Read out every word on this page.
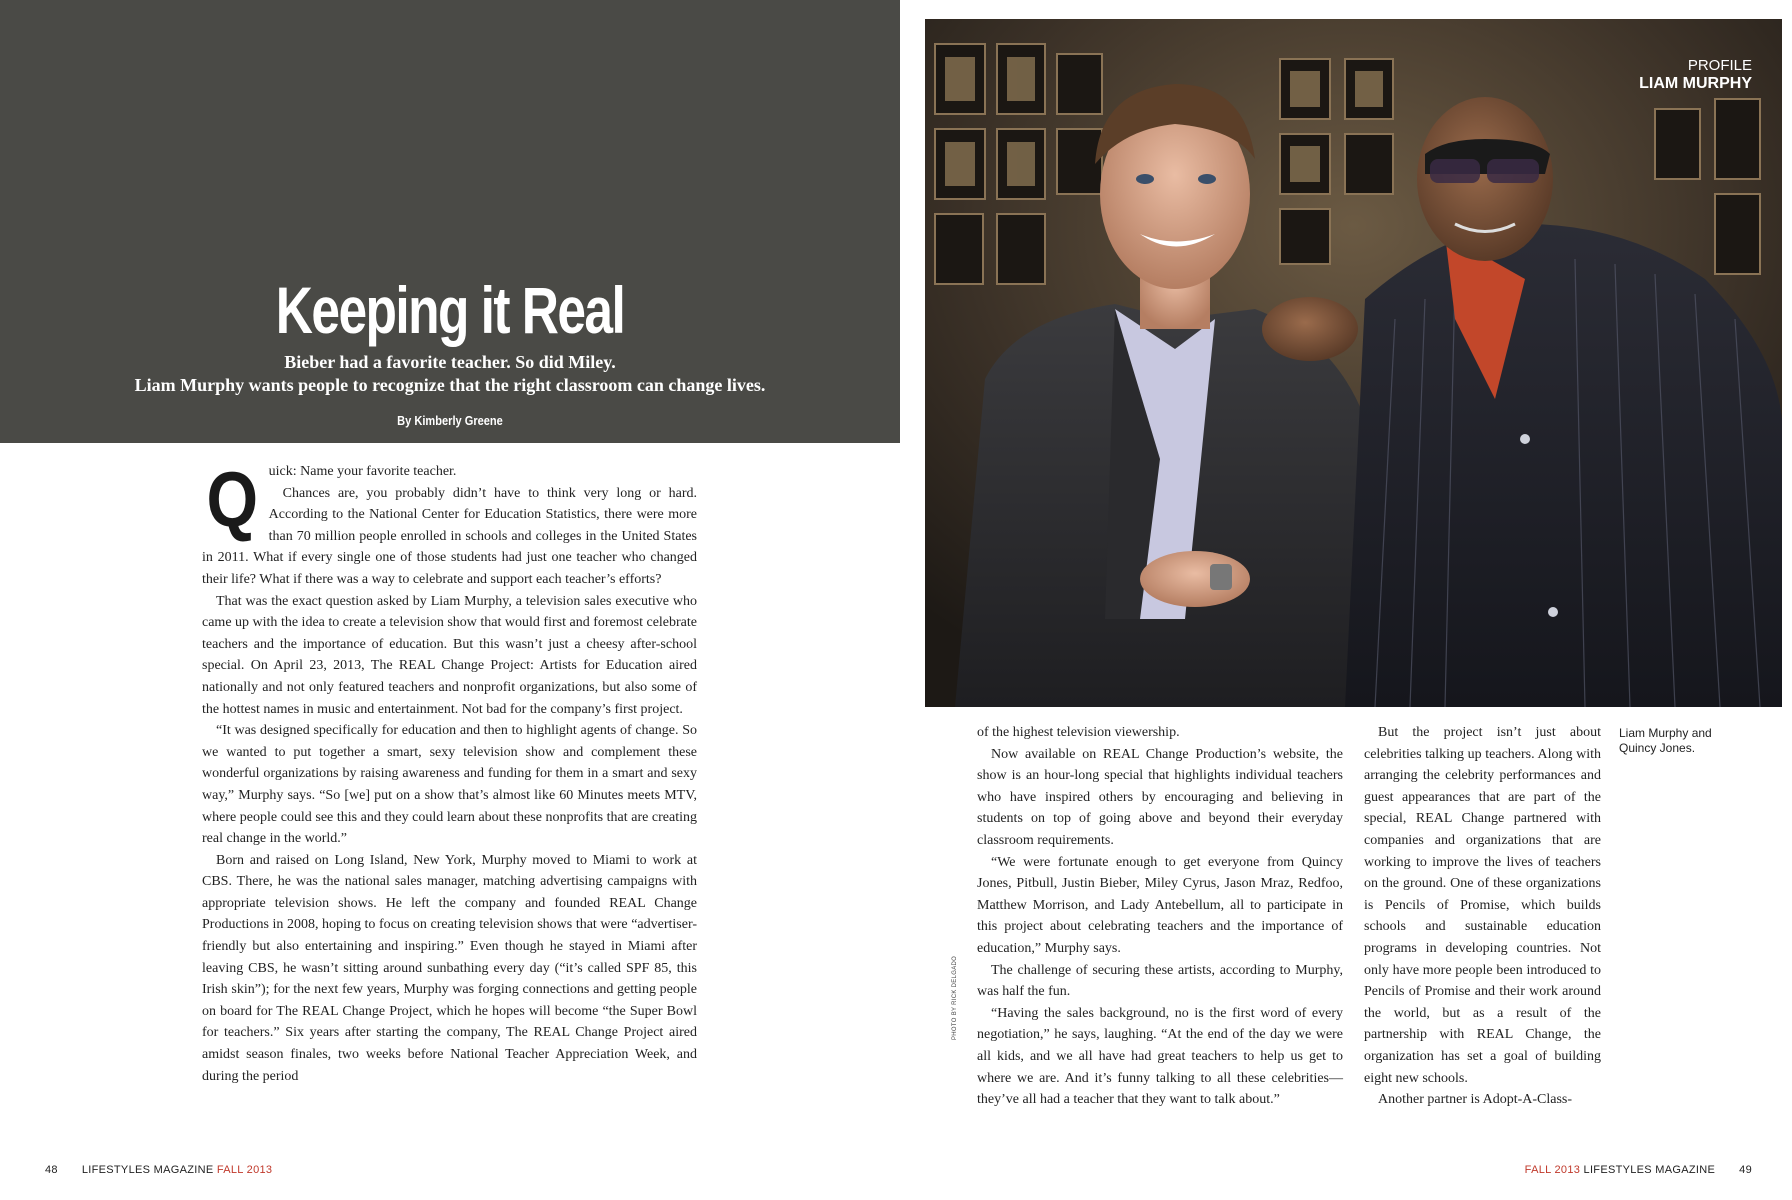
Keeping it Real
Bieber had a favorite teacher. So did Miley.
Liam Murphy wants people to recognize that the right classroom can change lives.
By Kimberly Greene

Quick: Name your favorite teacher.

Chances are, you probably didn’t have to think very long or hard. According to the National Center for Education Statistics, there were more than 70 million people enrolled in schools and colleges in the United States in 2011. What if every single one of those students had just one teacher who changed their life? What if there was a way to celebrate and support each teacher’s efforts?

That was the exact question asked by Liam Murphy, a television sales executive who came up with the idea to create a television show that would first and foremost celebrate teachers and the importance of education. But this wasn’t just a cheesy after-school special. On April 23, 2013, The REAL Change Project: Artists for Education aired nationally and not only featured teachers and nonprofit organizations, but also some of the hottest names in music and entertainment. Not bad for the company’s first project.

“It was designed specifically for education and then to highlight agents of change. So we wanted to put together a smart, sexy television show and complement these wonderful organizations by raising awareness and funding for them in a smart and sexy way,” Murphy says. “So [we] put on a show that’s almost like 60 Minutes meets MTV, where people could see this and they could learn about these nonprofits that are creating real change in the world.”

Born and raised on Long Island, New York, Murphy moved to Miami to work at CBS. There, he was the national sales manager, matching advertising campaigns with appropriate television shows. He left the company and founded REAL Change Productions in 2008, hoping to focus on creating television shows that were “advertiser-friendly but also entertaining and inspiring.” Even though he stayed in Miami after leaving CBS, he wasn’t sitting around sunbathing every day (“it’s called SPF 85, this Irish skin”); for the next few years, Murphy was forging connections and getting people on board for The REAL Change Project, which he hopes will become “the Super Bowl for teachers.” Six years after starting the company, The REAL Change Project aired amidst season finales, two weeks before National Teacher Appreciation Week, and during the period

PROFILE
LIAM MURPHY
PHOTO BY RICK DELGADO

of the highest television viewership.

Now available on REAL Change Production’s website, the show is an hour-long special that highlights individual teachers who have inspired others by encouraging and believing in students on top of going above and beyond their everyday classroom requirements.

“We were fortunate enough to get everyone from Quincy Jones, Pitbull, Justin Bieber, Miley Cyrus, Jason Mraz, Redfoo, Matthew Morrison, and Lady Antebellum, all to participate in this project about celebrating teachers and the importance of education,” Murphy says.

The challenge of securing these artists, according to Murphy, was half the fun.

“Having the sales background, no is the first word of every negotiation,” he says, laughing. “At the end of the day we were all kids, and we all have had great teachers to help us get to where we are. And it’s funny talking to all these celebrities—they’ve all had a teacher that they want to talk about.”

But the project isn’t just about celebrities talking up teachers. Along with arranging the celebrity performances and guest appearances that are part of the special, REAL Change partnered with companies and organizations that are working to improve the lives of teachers on the ground. One of these organizations is Pencils of Promise, which builds schools and sustainable education programs in developing countries. Not only have more people been introduced to Pencils of Promise and their work around the world, but as a result of the partnership with REAL Change, the organization has set a goal of building eight new schools.

Another partner is Adopt-A-Class-

Liam Murphy and Quincy Jones.
48 LIFESTYLES MAGAZINE FALL 2013	FALL 2013 LIFESTYLES MAGAZINE 49
